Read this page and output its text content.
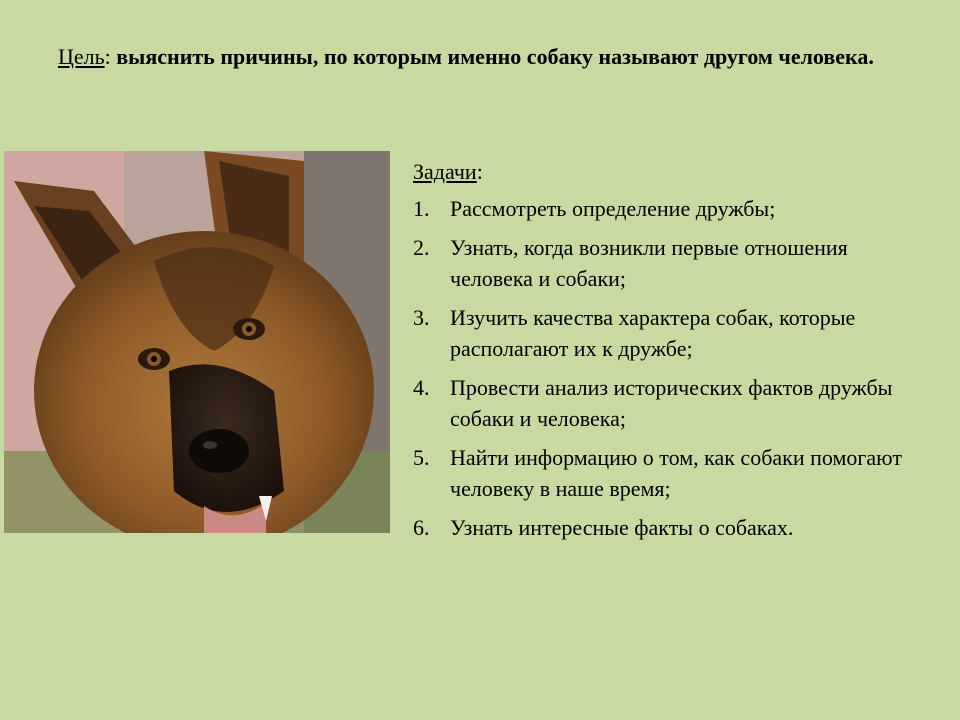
Цель: выяснить причины, по которым именно собаку называют другом человека.
Задачи:
1. Рассмотреть определение дружбы;
2. Узнать, когда возникли первые отношения человека и собаки;
3. Изучить качества характера собак, которые располагают их к дружбе;
4. Провести анализ исторических фактов дружбы собаки и человека;
5. Найти информацию о том, как собаки помогают человеку в наше время;
6. Узнать интересные факты о собаках.
